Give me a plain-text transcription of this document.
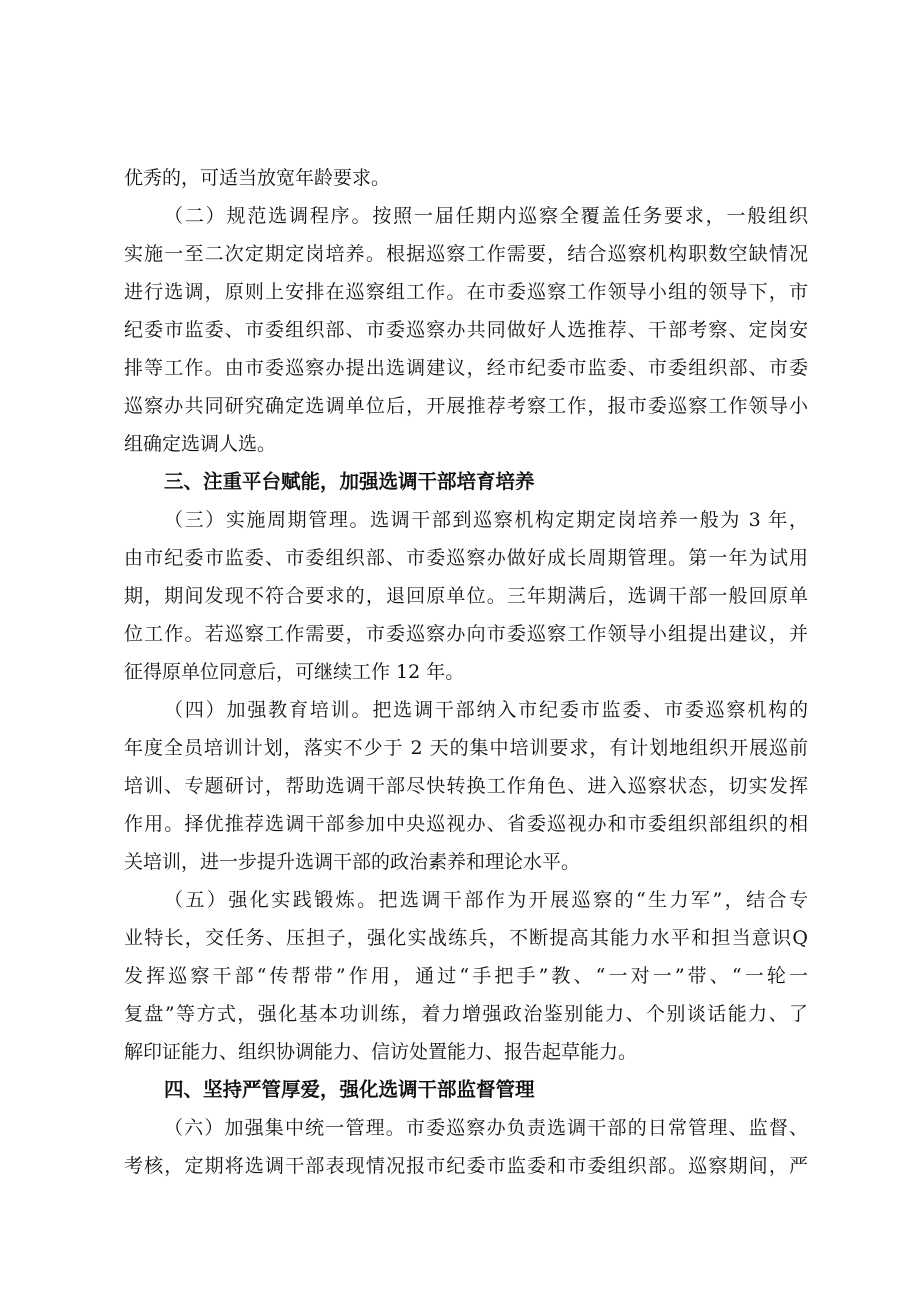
优秀的，可适当放宽年龄要求。
（二）规范选调程序。按照一届任期内巡察全覆盖任务要求，一般组织
实施一至二次定期定岗培养。根据巡察工作需要，结合巡察机构职数空缺情况
进行选调，原则上安排在巡察组工作。在市委巡察工作领导小组的领导下，市
纪委市监委、市委组织部、市委巡察办共同做好人选推荐、干部考察、定岗安
排等工作。由市委巡察办提出选调建议，经市纪委市监委、市委组织部、市委
巡察办共同研究确定选调单位后，开展推荐考察工作，报市委巡察工作领导小
组确定选调人选。
三、注重平台赋能，加强选调干部培育培养
（三）实施周期管理。选调干部到巡察机构定期定岗培养一般为 3 年，
由市纪委市监委、市委组织部、市委巡察办做好成长周期管理。第一年为试用
期，期间发现不符合要求的，退回原单位。三年期满后，选调干部一般回原单
位工作。若巡察工作需要，市委巡察办向市委巡察工作领导小组提出建议，并
征得原单位同意后，可继续工作 12 年。
（四）加强教育培训。把选调干部纳入市纪委市监委、市委巡察机构的
年度全员培训计划，落实不少于 2 天的集中培训要求，有计划地组织开展巡前
培训、专题研讨，帮助选调干部尽快转换工作角色、进入巡察状态，切实发挥
作用。择优推荐选调干部参加中央巡视办、省委巡视办和市委组织部组织的相
关培训，进一步提升选调干部的政治素养和理论水平。
（五）强化实践锻炼。把选调干部作为开展巡察的“生力军”，结合专
业特长，交任务、压担子，强化实战练兵，不断提高其能力水平和担当意识Q
发挥巡察干部“传帮带”作用，通过“手把手”教、“一对一”带、“一轮一
复盘”等方式，强化基本功训练，着力增强政治鉴别能力、个别谈话能力、了
解印证能力、组织协调能力、信访处置能力、报告起草能力。
四、坚持严管厚爱，强化选调干部监督管理
（六）加强集中统一管理。市委巡察办负责选调干部的日常管理、监督、
考核，定期将选调干部表现情况报市纪委市监委和市委组织部。巡察期间，严
